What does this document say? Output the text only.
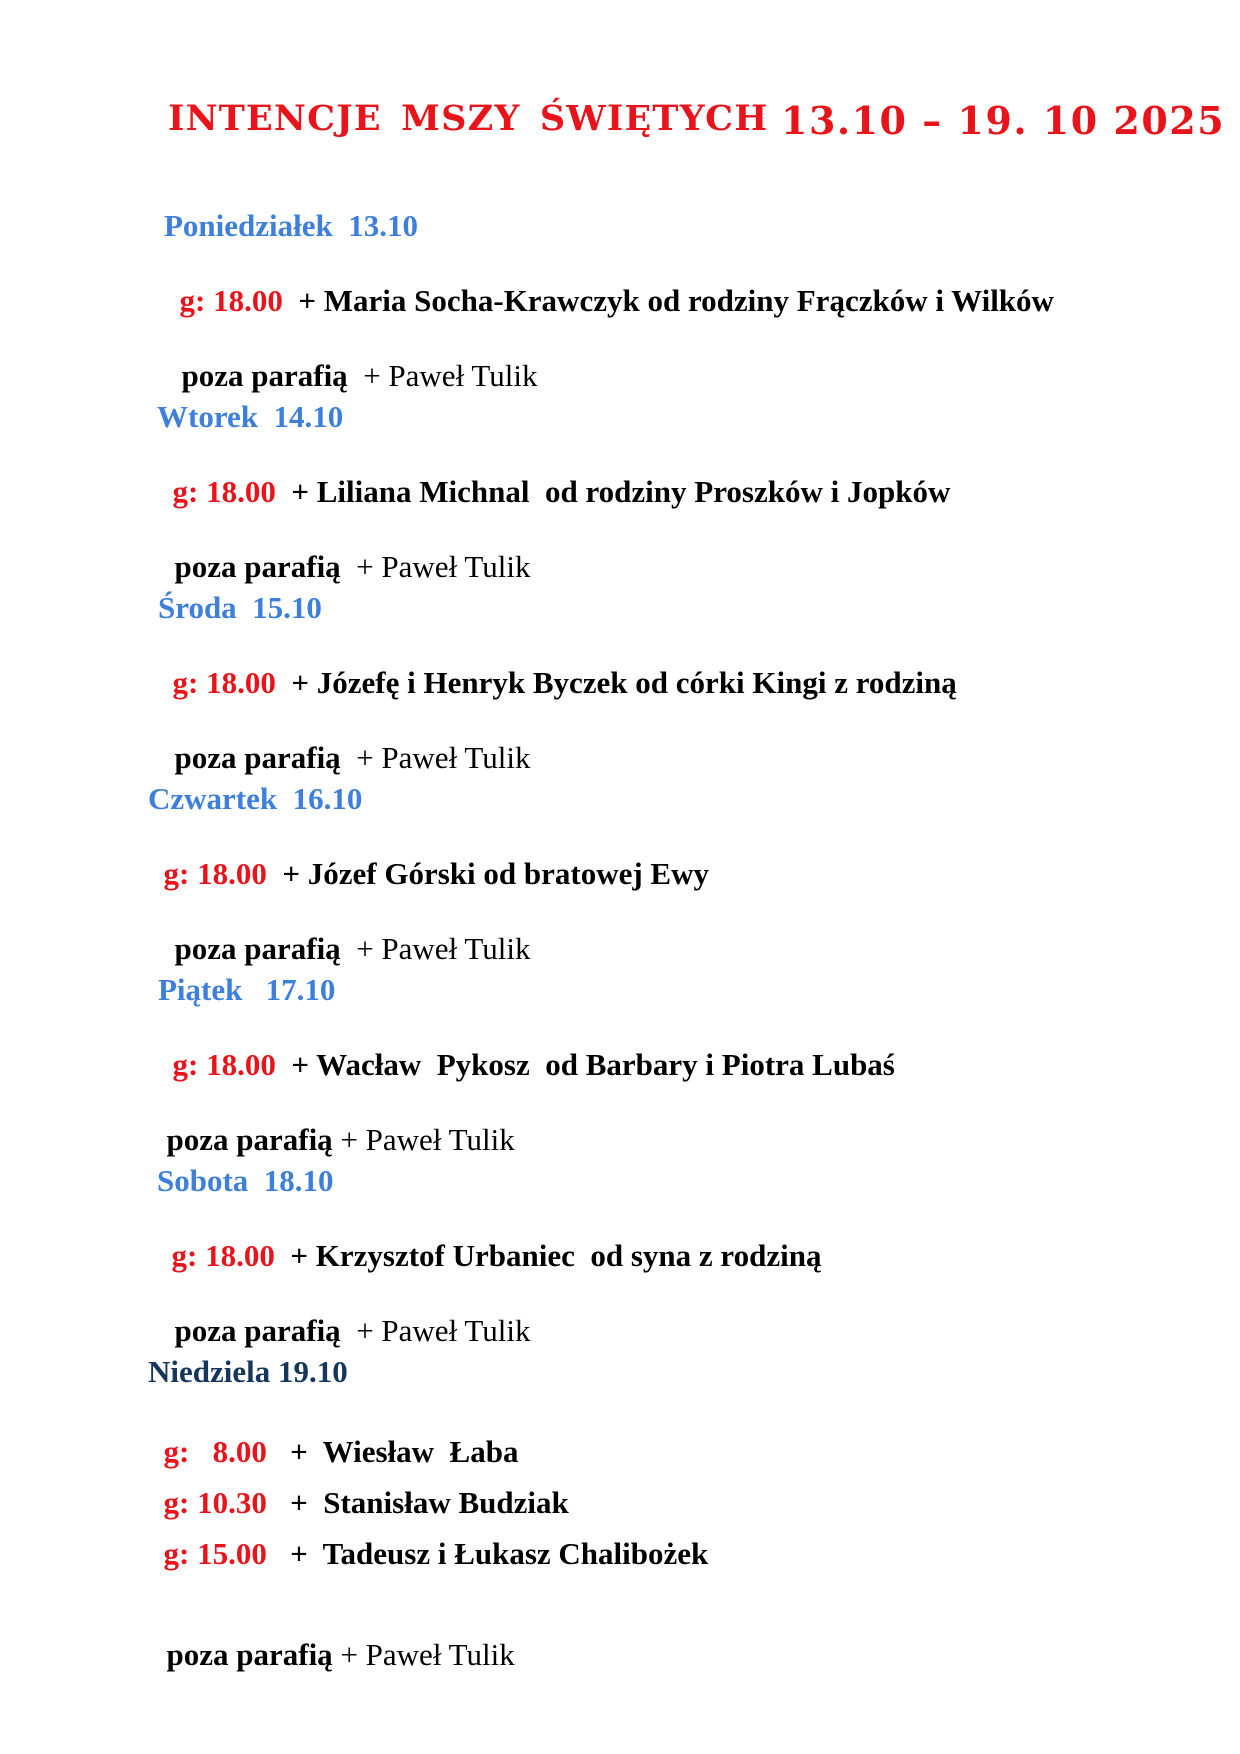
INTENCJE MSZY ŚWIĘTYCH 13.10 – 19. 10 2025
Poniedziałek  13.10

g: 18.00  + Maria Socha-Krawczyk od rodziny Frączków i Wilków

poza parafią  + Paweł Tulik

Wtorek  14.10

g: 18.00  + Liliana Michnal  od rodziny Proszków i Jopków

poza parafią  + Paweł Tulik

Środa  15.10

g: 18.00  + Józefę i Henryk Byczek od córki Kingi z rodziną

poza parafią  + Paweł Tulik

Czwartek  16.10

g: 18.00  + Józef Górski od bratowej Ewy

poza parafią  + Paweł Tulik

Piątek   17.10

g: 18.00  + Wacław  Pykosz  od Barbary i Piotra Lubaś

poza parafią + Paweł Tulik

Sobota  18.10

g: 18.00  + Krzysztof Urbaniec  od syna z rodziną

poza parafią  + Paweł Tulik

Niedziela 19.10

g:   8.00   +  Wiesław  Łaba

g: 10.30   +  Stanisław Budziak

g: 15.00   +  Tadeusz i Łukasz Chalibożek

poza parafią + Paweł Tulik
